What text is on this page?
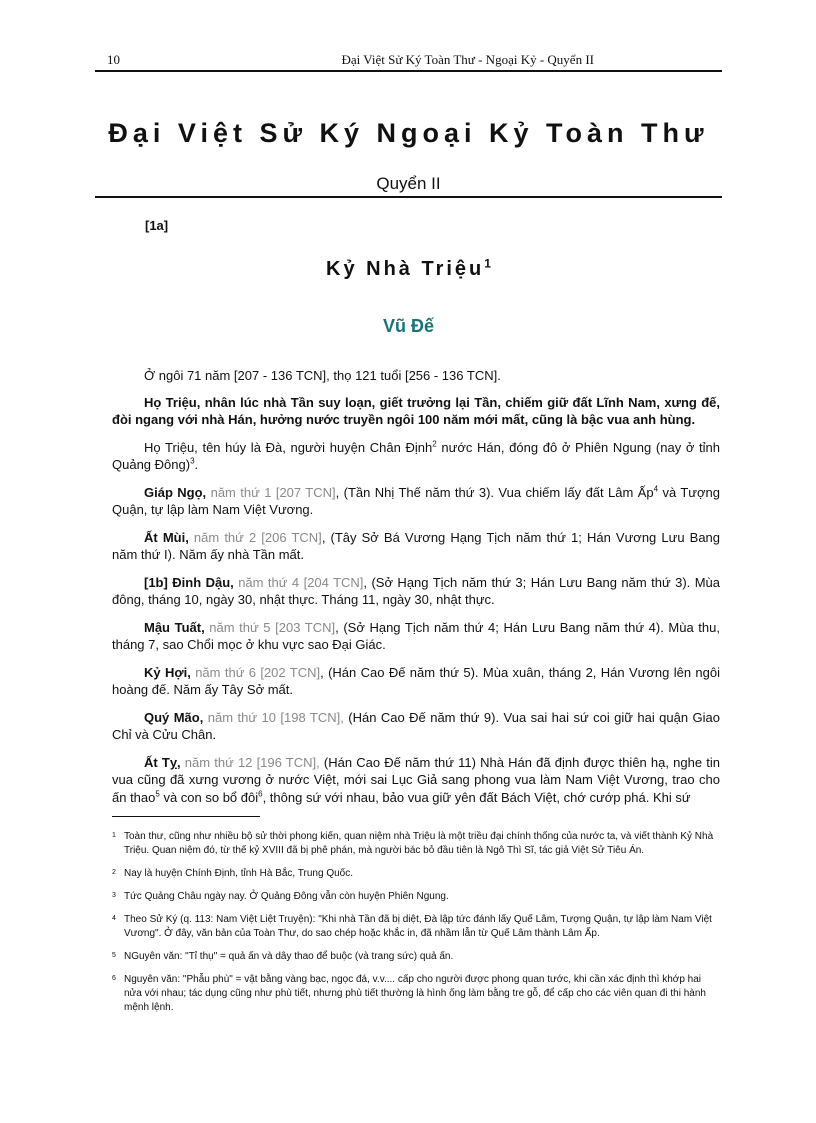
10	Đại Việt Sử Ký Toàn Thư - Ngoại Kỷ - Quyển II
Đại Việt Sử Ký Ngoại Kỷ Toàn Thư
Quyển II
[1a]
Kỷ Nhà Triệu$^1$
Vũ Đế

Ở ngôi 71 năm [207 - 136 TCN], thọ 121 tuổi [256 - 136 TCN].

Họ Triệu, nhân lúc nhà Tần suy loạn, giết trưởng lại Tần, chiếm giữ đất Lĩnh Nam, xưng đế, đòi ngang với nhà Hán, hưởng nước truyền ngôi 100 năm mới mất, cũng là bậc vua anh hùng.

Họ Triệu, tên húy là Đà, người huyện Chân Định$^2$ nước Hán, đóng đô ở Phiên Ngung (nay ở tỉnh Quảng Đông)$^3$.

Giáp Ngọ, năm thứ 1 [207 TCN], (Tần Nhị Thế năm thứ 3). Vua chiếm lấy đất Lâm Ấp$^4$ và Tượng Quận, tự lập làm Nam Việt Vương.

Ất Mùi, năm thứ 2 [206 TCN], (Tây Sở Bá Vương Hạng Tịch năm thứ 1; Hán Vương Lưu Bang năm thứ I). Năm ấy nhà Tần mất.

[1b] Đinh Dậu, năm thứ 4 [204 TCN], (Sở Hạng Tịch năm thứ 3; Hán Lưu Bang năm thứ 3). Mùa đông, tháng 10, ngày 30, nhật thực. Tháng 11, ngày 30, nhật thực.

Mậu Tuất, năm thứ 5 [203 TCN], (Sở Hạng Tịch năm thứ 4; Hán Lưu Bang năm thứ 4). Mùa thu, tháng 7, sao Chổi mọc ở khu vực sao Đại Giác.

Kỷ Hợi, năm thứ 6 [202 TCN], (Hán Cao Đế năm thứ 5). Mùa xuân, tháng 2, Hán Vương lên ngôi hoàng đế. Năm ấy Tây Sở mất.

Quý Mão, năm thứ 10 [198 TCN], (Hán Cao Đế năm thứ 9). Vua sai hai sứ coi giữ hai quận Giao Chỉ và Cửu Chân.

Ất Tỵ, năm thứ 12 [196 TCN], (Hán Cao Đế năm thứ 11) Nhà Hán đã định được thiên hạ, nghe tin vua cũng đã xưng vương ở nước Việt, mới sai Lục Giả sang phong vua làm Nam Việt Vương, trao cho ấn thao$^5$ và con so bổ đôi$^6$, thông sứ với nhau, bảo vua giữ yên đất Bách Việt, chớ cướp phá. Khi sứ

1 Toàn thư, cũng như nhiều bộ sử thời phong kiến, quan niệm nhà Triệu là một triều đại chính thống của nước ta, và viết thành Kỷ Nhà Triệu. Quan niệm đó, từ thế kỷ XVIII đã bị phê phán, mà người bác bỏ đầu tiên là Ngô Thì Sĩ, tác giả Việt Sử Tiêu Án.
2 Nay là huyện Chính Định, tỉnh Hà Bắc, Trung Quốc.
3 Tức Quảng Châu ngày nay. Ở Quảng Đông vẫn còn huyện Phiên Ngung.
4 Theo Sử Ký (q. 113: Nam Việt Liệt Truyện): "Khi nhà Tần đã bị diệt, Đà lập tức đánh lấy Quế Lâm, Tượng Quận, tự lập làm Nam Việt Vương". Ở đây, văn bản của Toàn Thư, do sao chép hoặc khắc in, đã nhầm lẫn từ Quế Lâm thành Lâm Ấp.
5 NGuyên văn: "Tỉ thụ" = quả ấn và dây thao để buộc (và trang sức) quả ấn.
6 Nguyên văn: "Phẫu phù" = vật bằng vàng bạc, ngọc đá, v.v.... cấp cho người được phong quan tước, khi cần xác định thì khớp hai nửa với nhau; tác dụng cũng như phù tiết, nhưng phù tiết thường là hình ống làm bằng tre gỗ, để cấp cho các viên quan đi thi hành mệnh lệnh.
